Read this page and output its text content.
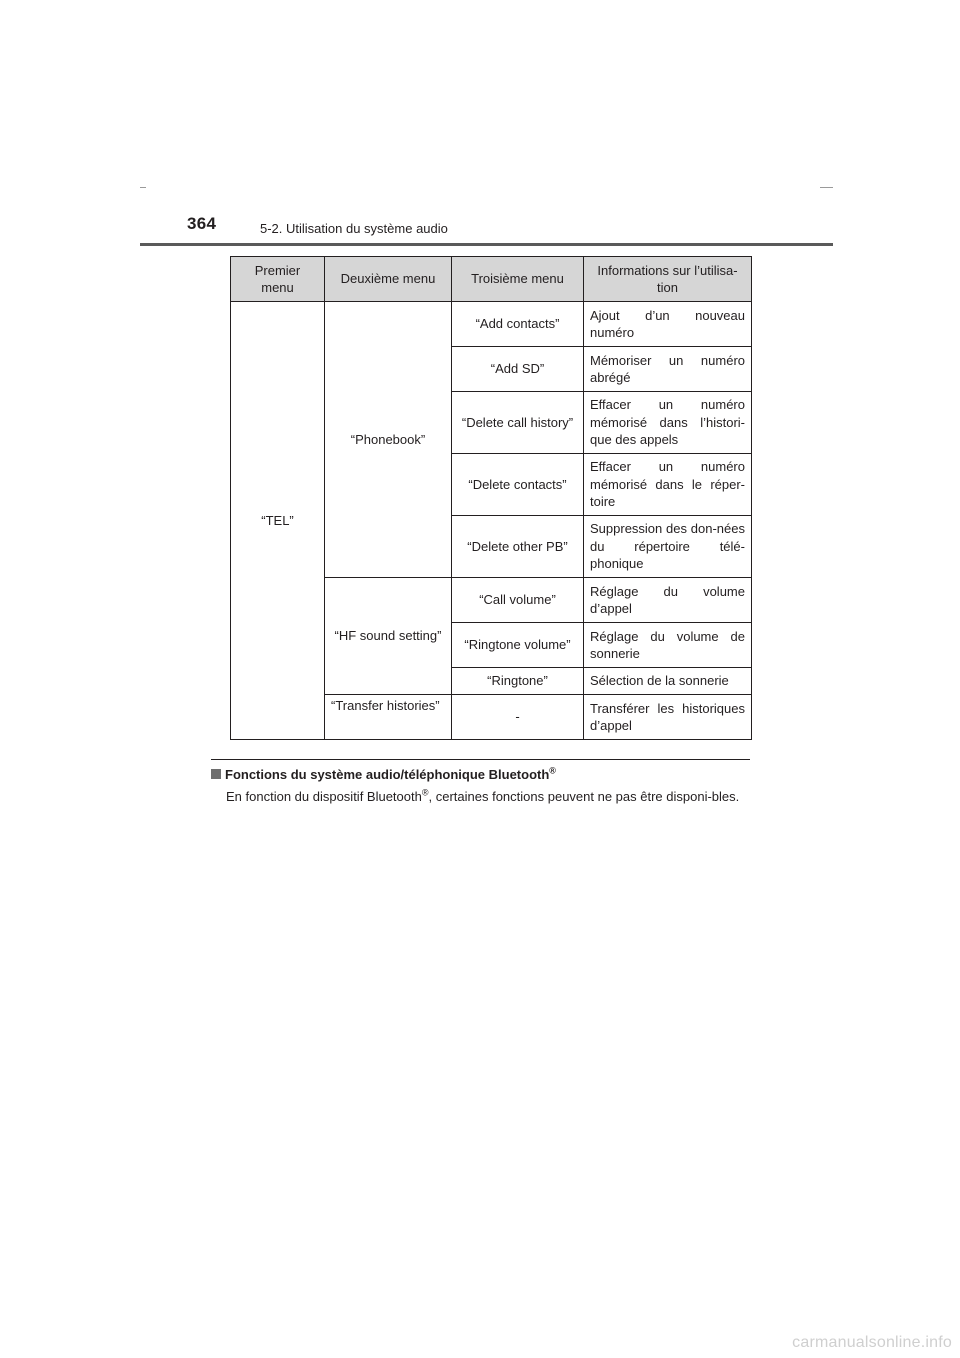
364	5-2. Utilisation du système audio
Premier menu	Deuxième menu	Troisième menu	Informations sur l’utilisa-tion
“TEL”	“Phonebook”	“Add contacts”	Ajout d’un nouveau numéro
		“Add SD”	Mémoriser un numéro abrégé
		“Delete call history”	Effacer un numéro mémorisé dans l’histori-que des appels
		“Delete contacts”	Effacer un numéro mémorisé dans le réper-toire
		“Delete other PB”	Suppression des don-nées du répertoire télé-phonique
	“HF sound setting”	“Call volume”	Réglage du volume d’appel
		“Ringtone volume”	Réglage du volume de sonnerie
		“Ringtone”	Sélection de la sonnerie
	“Transfer histories”	-	Transférer les historiques d’appel
Fonctions du système audio/téléphonique Bluetooth®
En fonction du dispositif Bluetooth®, certaines fonctions peuvent ne pas être disponi-bles.
carmanualsonline.info
